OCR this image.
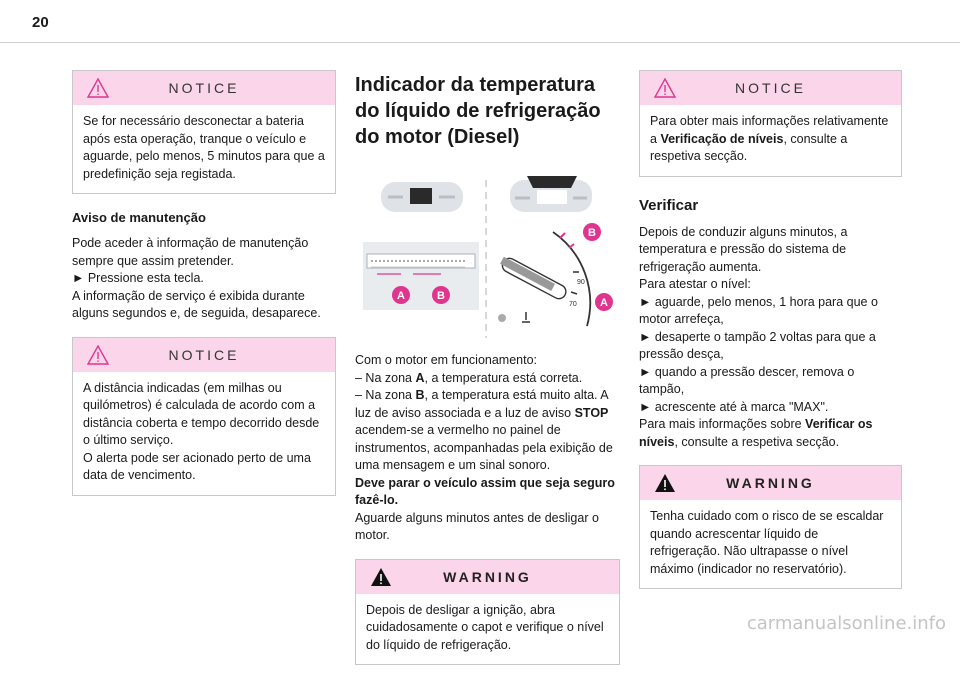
20
NOTICE
Se for necessário desconectar a bateria após esta operação, tranque o veículo e aguarde, pelo menos, 5 minutos para que a predefinição seja registada.
Aviso de manutenção
Pode aceder à informação de manutenção sempre que assim pretender.
► Pressione esta tecla.
A informação de serviço é exibida durante alguns segundos e, de seguida, desaparece.
NOTICE
A distância indicadas (em milhas ou quilómetros) é calculada de acordo com a distância coberta e tempo decorrido desde o último serviço.
O alerta pode ser acionado perto de uma data de vencimento.
Indicador da temperatura do líquido de refrigeração do motor (Diesel)
A	B
B
A
90
70
Com o motor em funcionamento:
– Na zona A, a temperatura está correta.
– Na zona B, a temperatura está muito alta. A luz de aviso associada e a luz de aviso STOP acendem-se a vermelho no painel de instrumentos, acompanhadas pela exibição de uma mensagem e um sinal sonoro.
Deve parar o veículo assim que seja seguro fazê-lo.
Aguarde alguns minutos antes de desligar o motor.
WARNING
Depois de desligar a ignição, abra cuidadosamente o capot e verifique o nível do líquido de refrigeração.
NOTICE
Para obter mais informações relativamente a Verificação de níveis, consulte a respetiva secção.
Verificar
Depois de conduzir alguns minutos, a temperatura e pressão do sistema de refrigeração aumenta.
Para atestar o nível:
► aguarde, pelo menos, 1 hora para que o motor arrefeça,
► desaperte o tampão 2 voltas para que a pressão desça,
► quando a pressão descer, remova o tampão,
► acrescente até à marca "MAX".
Para mais informações sobre Verificar os níveis, consulte a respetiva secção.
WARNING
Tenha cuidado com o risco de se escaldar quando acrescentar líquido de refrigeração. Não ultrapasse o nível máximo (indicador no reservatório).
carmanualsonline.info
